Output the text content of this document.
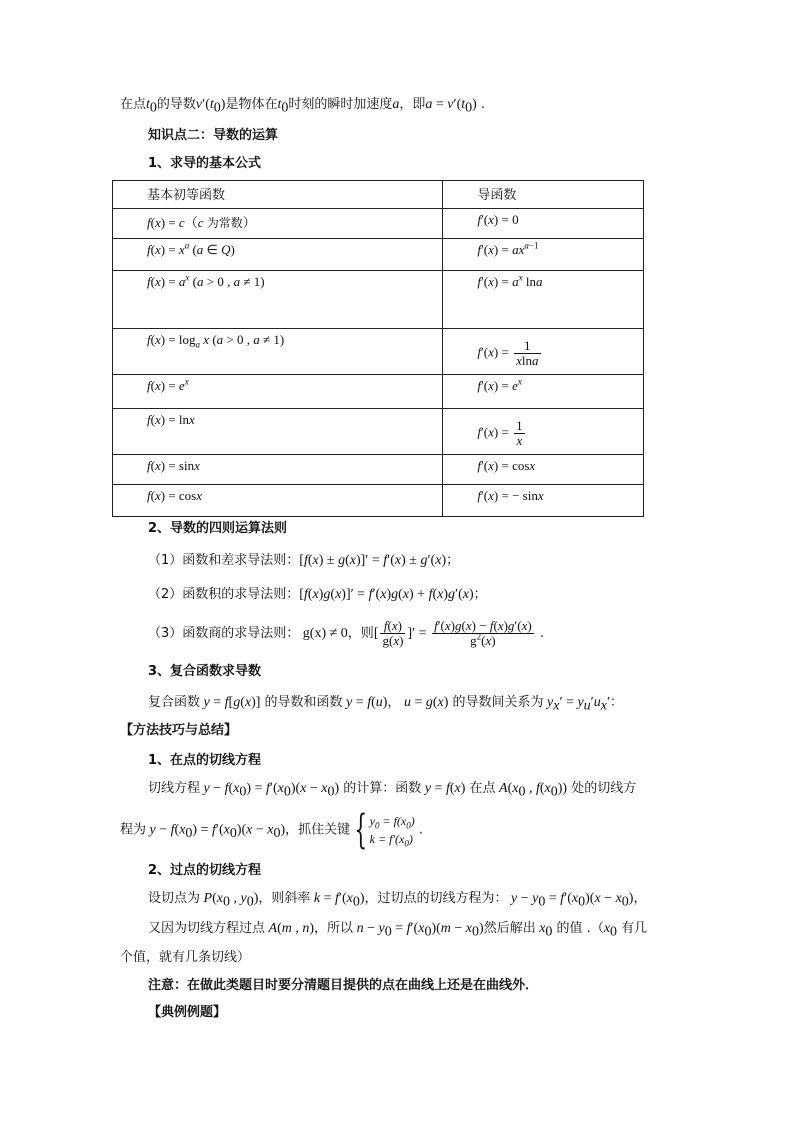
在点$t_0$的导数$v'(t_0)$是物体在$t_0$时刻的瞬时加速度a，即$a = v'(t_0)$ .
知识点二：导数的运算
1、求导的基本公式
基本初等函数	导函数
f(x) = c（c 为常数）	f′(x) = 0
$f(x) = x^a$ (a ∈ Q)	$f'(x) = ax^{a-1}$
$f(x) = a^x$ (a > 0 , a ≠ 1)	$f'(x) = a^x$ lna
$f(x) = \log_a x$ (a > 0 , a ≠ 1)	$f'(x) = \frac{1}{xlna}$

$f(x) = e^x$	$f'(x) = e^x$
f(x) = lnx	$f'(x) = \frac{1}{x}$

f(x) = sinx	f′(x) = cosx
f(x) = cosx	f′(x) = − sinx
2、导数的四则运算法则
（1）函数和差求导法则：[f(x) ± g(x)]′ = f′(x) ± g′(x)；
（2）函数积的求导法则：[f(x)g(x)]′ = f′(x)g(x) + f(x)g′(x)；
（3）函数商的求导法则： g(x) ≠ 0，则[ $\frac{f(x)}{g(x)}$ ]′ = $\frac{f'(x)g(x) - f(x)g'(x)}{g^2(x)}$ .
3、复合函数求导数
复合函数 y = f[g(x)] 的导数和函数 y = f(u)， u = g(x) 的导数间关系为 $y_x' = y_u'u_x'$：
【方法技巧与总结】
1、在点的切线方程
切线方程 $y - f(x_0) = f'(x_0)(x - x_0)$ 的计算：函数 y = f(x) 在点 $A(x_0$ , $f(x_0)$) 处的切线方
程为 $y - f(x_0) = f'(x_0)(x - x_0)$，抓住关键 { $y_0 = f(x_0)$
$k = f'(x_0)$ .
2、过点的切线方程
设切点为 $P(x_0$ , $y_0$)，则斜率 $k = f'(x_0)$，过切点的切线方程为： $y - y_0 = f'(x_0)(x - x_0)$，
又因为切线方程过点 A(m , n)，所以 $n - y_0 = f'(x_0)(m - x_0)$然后解出 $x_0$ 的值 $.(x_0$ 有几
个值，就有几条切线）
注意：在做此类题目时要分清题目提供的点在曲线上还是在曲线外．
【典例例题】
